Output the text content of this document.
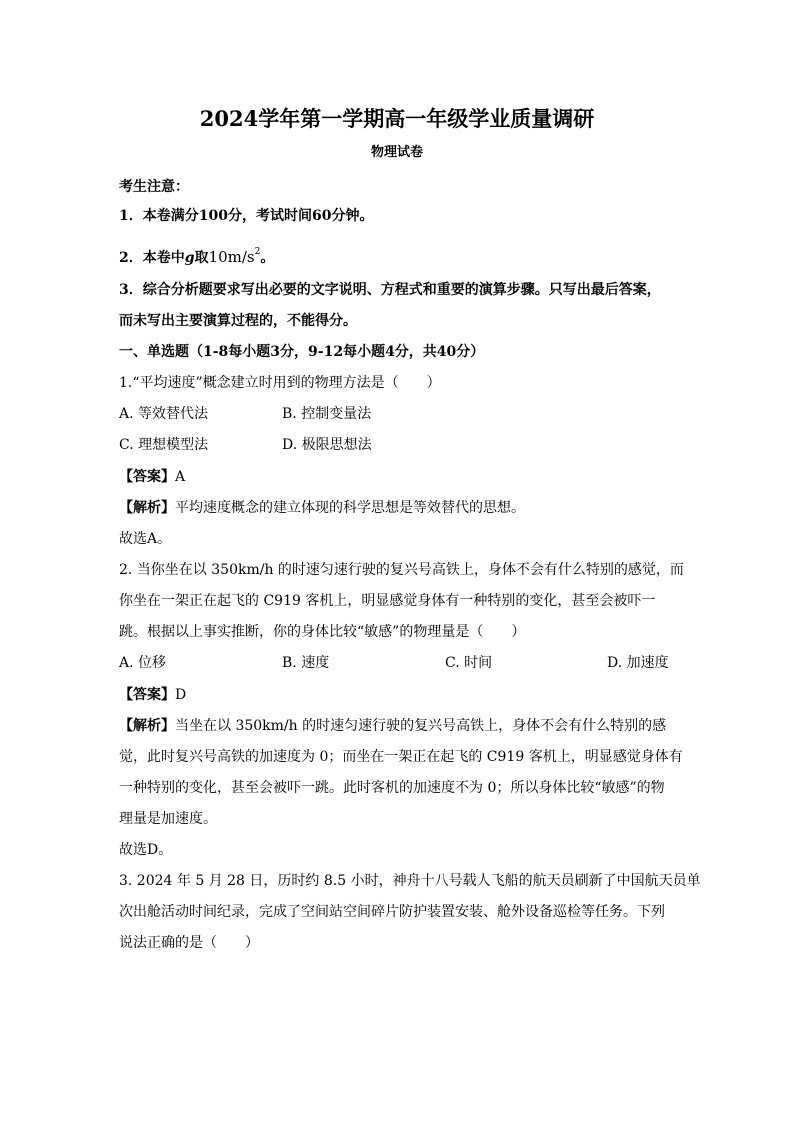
2024学年第一学期高一年级学业质量调研
物理试卷
考生注意：
1．本卷满分100分，考试时间60分钟。
2．本卷中g取$10m/s^2$。
3．综合分析题要求写出必要的文字说明、方程式和重要的演算步骤。只写出最后答案，
而未写出主要演算过程的，不能得分。
一、单选题（1-8每小题3分，9-12每小题4分，共40分）
1.“平均速度”概念建立时用到的物理方法是（　　）
A. 等效替代法	B. 控制变量法
C. 理想模型法	D. 极限思想法
【答案】A
【解析】平均速度概念的建立体现的科学思想是等效替代的思想。
故选A。
2. 当你坐在以 350km/h 的时速匀速行驶的复兴号高铁上，身体不会有什么特别的感觉，而
你坐在一架正在起飞的 C919 客机上，明显感觉身体有一种特别的变化，甚至会被吓一
跳。根据以上事实推断，你的身体比较“敏感”的物理量是（　　）
A. 位移	B. 速度	C. 时间	D. 加速度
【答案】D
【解析】当坐在以 350km/h 的时速匀速行驶的复兴号高铁上，身体不会有什么特别的感
觉，此时复兴号高铁的加速度为 0；而坐在一架正在起飞的 C919 客机上，明显感觉身体有
一种特别的变化，甚至会被吓一跳。此时客机的加速度不为 0；所以身体比较“敏感”的物
理量是加速度。
故选D。
3. 2024 年 5 月 28 日，历时约 8.5 小时，神舟十八号载人飞船的航天员刷新了中国航天员单
次出舱活动时间纪录，完成了空间站空间碎片防护装置安装、舱外设备巡检等任务。下列
说法正确的是（　　）
